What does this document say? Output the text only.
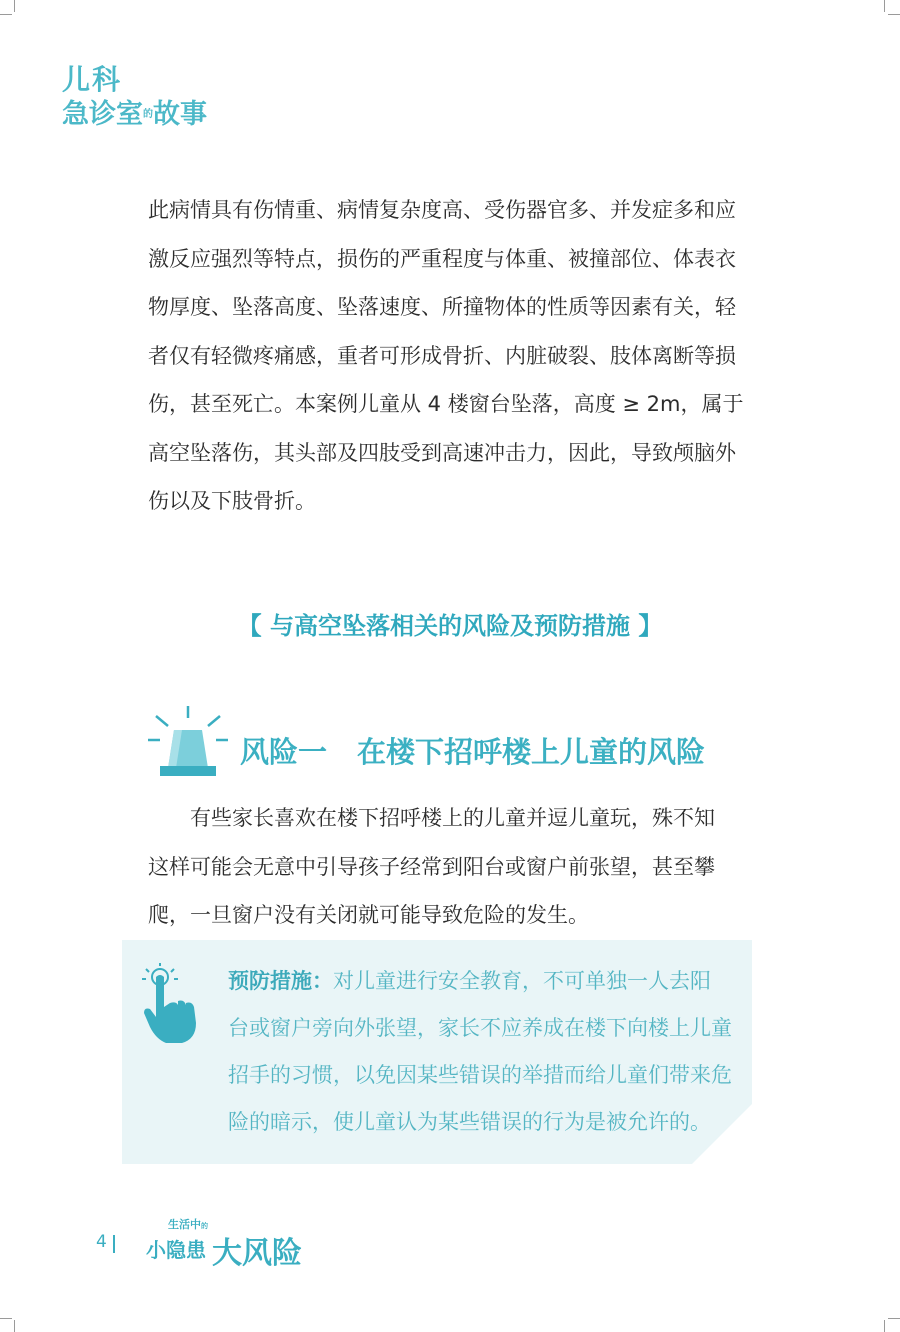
儿科
急诊室$^的$故事

此病情具有伤情重、病情复杂度高、受伤器官多、并发症多和应

激反应强烈等特点，损伤的严重程度与体重、被撞部位、体表衣

物厚度、坠落高度、坠落速度、所撞物体的性质等因素有关，轻

者仅有轻微疼痛感，重者可形成骨折、内脏破裂、肢体离断等损

伤，甚至死亡。本案例儿童从 4 楼窗台坠落，高度 ≥ 2m，属于

高空坠落伤，其头部及四肢受到高速冲击力，因此，导致颅脑外

伤以及下肢骨折。

【 与高空坠落相关的风险及预防措施 】
风险一 在楼下招呼楼上儿童的风险

　　有些家长喜欢在楼下招呼楼上的儿童并逗儿童玩，殊不知

这样可能会无意中引导孩子经常到阳台或窗户前张望，甚至攀

爬，一旦窗户没有关闭就可能导致危险的发生。

预防措施：对儿童进行安全教育，不可单独一人去阳

台或窗户旁向外张望，家长不应养成在楼下向楼上儿童

招手的习惯，以免因某些错误的举措而给儿童们带来危

险的暗示，使儿童认为某些错误的行为是被允许的。

4
生活中的
小隐患 大风险
